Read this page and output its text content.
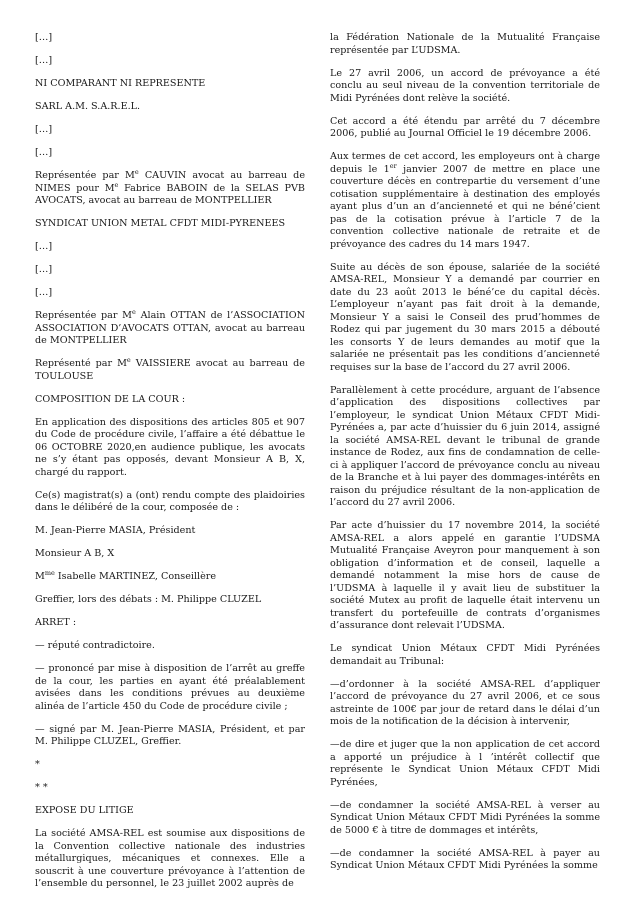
[…]

[…]

NI COMPARANT NI REPRESENTE

SARL A.M. S.A.R.E.L.

[…]

[…]

Représentée par Me CAUVIN avocat au barreau de NIMES pour Me Fabrice BABOIN de la SELAS PVB AVOCATS, avocat au barreau de MONTPELLIER

SYNDICAT UNION METAL CFDT MIDI-PYRENEES

[…]

[…]

[…]

Représentée par Me Alain OTTAN de l’ASSOCIATION ASSOCIATION D’AVOCATS OTTAN, avocat au barreau de MONTPELLIER

Représenté par Me VAISSIERE avocat au barreau de TOULOUSE

COMPOSITION DE LA COUR :

En application des dispositions des articles 805 et 907 du Code de procédure civile, l’affaire a été débattue le 06 OCTOBRE 2020,en audience publique, les avocats ne s’y étant pas opposés, devant Monsieur A B, X, chargé du rapport.

Ce(s) magistrat(s) a (ont) rendu compte des plaidoiries dans le délibéré de la cour, composée de :

M. Jean-Pierre MASIA, Président

Monsieur A B, X

$M^{me}$ Isabelle MARTINEZ, Conseillère

Greffier, lors des débats : M. Philippe CLUZEL

ARRET :

— réputé contradictoire.

— prononcé par mise à disposition de l’arrêt au greffe de la cour, les parties en ayant été préalablement avisées dans les conditions prévues au deuxième alinéa de l’article 450 du Code de procédure civile ;

— signé par M. Jean-Pierre MASIA, Président, et par M. Philippe CLUZEL, Greffier.

*

* *

EXPOSE DU LITIGE

La société AMSA-REL est soumise aux dispositions de la Convention collective nationale des industries métallurgiques, mécaniques et connexes. Elle a souscrit à une couverture prévoyance à l’attention de l’ensemble du personnel, le 23 juillet 2002 auprès de

la Fédération Nationale de la Mutualité Française représentée par L’UDSMA.

Le 27 avril 2006, un accord de prévoyance a été conclu au seul niveau de la convention territoriale de Midi Pyrénées dont relève la société.

Cet accord a été étendu par arrêté du 7 décembre 2006, publié au Journal Officiel le 19 décembre 2006.

Aux termes de cet accord, les employeurs ont à charge depuis le 1er janvier 2007 de mettre en place une couverture décès en contrepartie du versement d’une cotisation supplémentaire à destination des employés ayant plus d’un an d’ancienneté et qui ne béné’cient pas de la cotisation prévue à l’article 7 de la convention collective nationale de retraite et de prévoyance des cadres du 14 mars 1947.

Suite au décès de son épouse, salariée de la société AMSA-REL, Monsieur Y a demandé par courrier en date du 23 août 2013 le béné’ce du capital décès. L’employeur n’ayant pas fait droit à la demande, Monsieur Y a saisi le Conseil des prud’hommes de Rodez qui par jugement du 30 mars 2015 a débouté les consorts Y de leurs demandes au motif que la salariée ne présentait pas les conditions d’ancienneté requises sur la base de l’accord du 27 avril 2006.

Parallèlement à cette procédure, arguant de l’absence d’application des dispositions collectives par l’employeur, le syndicat Union Métaux CFDT Midi-Pyrénées a, par acte d’huissier du 6 juin 2014, assigné la société AMSA-REL devant le tribunal de grande instance de Rodez, aux fins de condamnation de celle-ci à appliquer l’accord de prévoyance conclu au niveau de la Branche et à lui payer des dommages-intérêts en raison du préjudice résultant de la non-application de l’accord du 27 avril 2006.

Par acte d’huissier du 17 novembre 2014, la société AMSA-REL a alors appelé en garantie l’UDSMA Mutualité Française Aveyron pour manquement à son obligation d’information et de conseil, laquelle a demandé notamment la mise hors de cause de l’UDSMA à laquelle il y avait lieu de substituer la société Mutex au profit de laquelle était intervenu un transfert du portefeuille de contrats d’organismes d’assurance dont relevait l’UDSMA.

Le syndicat Union Métaux CFDT Midi Pyrénées demandait au Tribunal:

—d’ordonner à la société AMSA-REL d’appliquer l’accord de prévoyance du 27 avril 2006, et ce sous astreinte de 100€ par jour de retard dans le délai d’un mois de la notification de la décision à intervenir,

—de dire et juger que la non application de cet accord a apporté un préjudice à l ’intérêt collectif que représente le Syndicat Union Métaux CFDT Midi Pyrénées,

—de condamner la société AMSA-REL à verser au Syndicat Union Métaux CFDT Midi Pyrénées la somme de 5000 € à titre de dommages et intérêts,

—de condamner la société AMSA-REL à payer au Syndicat Union Métaux CFDT Midi Pyrénées la somme
